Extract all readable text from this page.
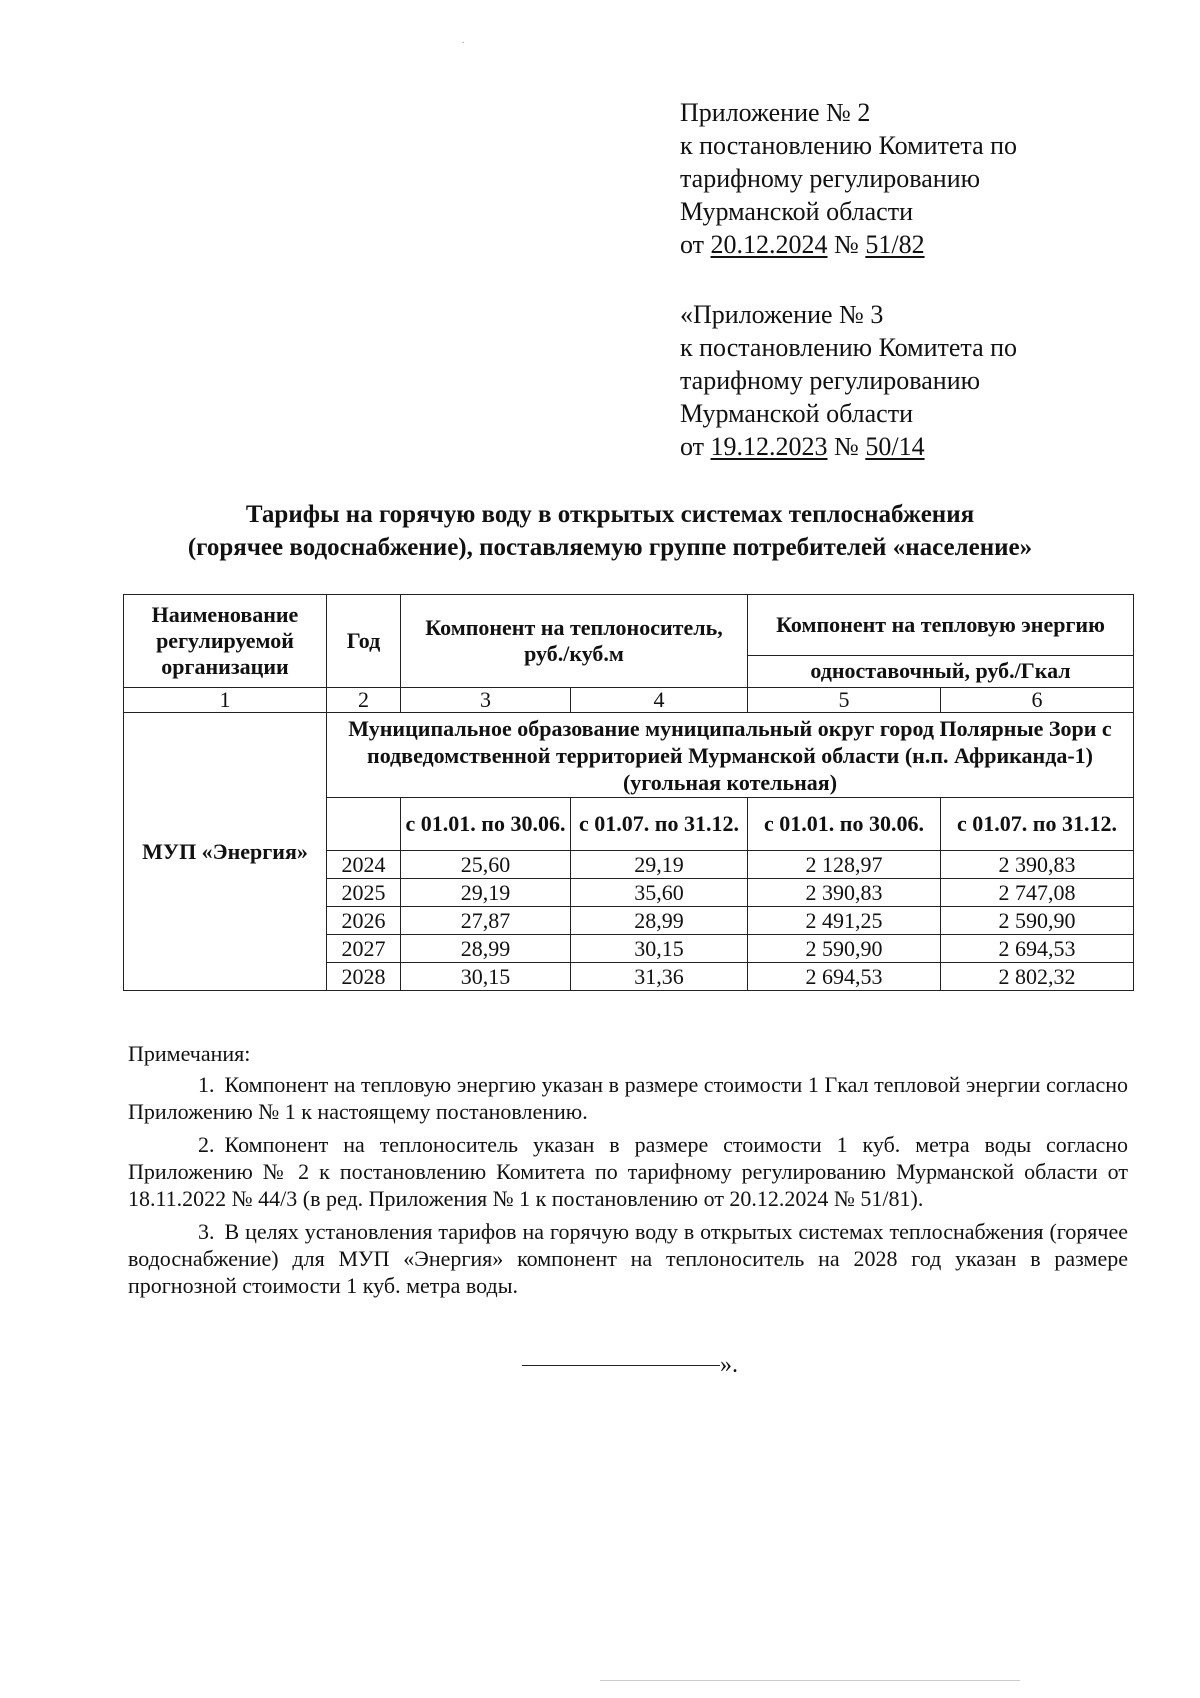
Приложение № 2
к постановлению Комитета по
тарифному регулированию
Мурманской области
от 20.12.2024 № 51/82
«Приложение № 3
к постановлению Комитета по
тарифному регулированию
Мурманской области
от 19.12.2023 № 50/14
Тарифы на горячую воду в открытых системах теплоснабжения
(горячее водоснабжение), поставляемую группе потребителей «население»
Наименование регулируемой организации	Год	Компонент на теплоноситель, руб./куб.м		Компонент на тепловую энергию	
				одноставочный, руб./Гкал	
1	2	3	4	5	6
МУП «Энергия»	Муниципальное образование муниципальный округ город Полярные Зори с подведомственной территорией Мурманской области (н.п. Африканда-1) (угольная котельная)				
		с 01.01. по 30.06.	с 01.07. по 31.12.	с 01.01. по 30.06.	с 01.07. по 31.12.
	2024	25,60	29,19	2 128,97	2 390,83
	2025	29,19	35,60	2 390,83	2 747,08
	2026	27,87	28,99	2 491,25	2 590,90
	2027	28,99	30,15	2 590,90	2 694,53
	2028	30,15	31,36	2 694,53	2 802,32
Примечания:

1. Компонент на тепловую энергию указан в размере стоимости 1 Гкал тепловой энергии согласно Приложению № 1 к настоящему постановлению.

2. Компонент на теплоноситель указан в размере стоимости 1 куб. метра воды согласно Приложению № 2 к постановлению Комитета по тарифному регулированию Мурманской области от 18.11.2022 № 44/3 (в ред. Приложения № 1 к постановлению от 20.12.2024 № 51/81).

3. В целях установления тарифов на горячую воду в открытых системах теплоснабжения (горячее водоснабжение) для МУП «Энергия» компонент на теплоноситель на 2028 год указан в размере прогнозной стоимости 1 куб. метра воды.

».
